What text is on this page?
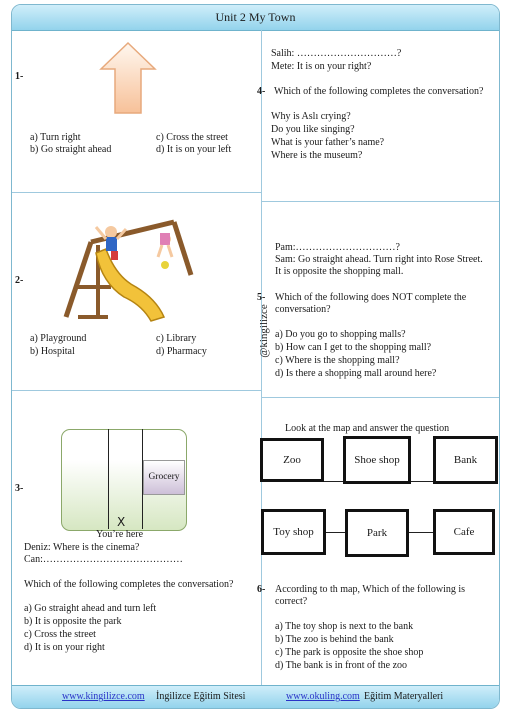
Unit 2 My Town
1-
a) Turn right
b) Go straight ahead
c) Cross the street
d) It is on your left
2-
a) Playground
b) Hospital
c) Library
d) Pharmacy
3-
Grocery
X
You’re here
Deniz: Where is the cinema?
Can:……………………………………
Which of the following completes the conversation?
a) Go straight ahead and turn left
b) It is opposite the park
c) Cross the street
d) It is on your right
Salih: …………………………?
Mete: It is on your right?
4- Which of the following completes the conversation?
Why is Aslı crying?
Do you like singing?
What is your father’s name?
Where is the museum?
Pam:…………………………?
Sam: Go straight ahead. Turn right into Rose Street.
It is opposite the shopping mall.
5- Which of the following does NOT complete the
conversation?
a) Do you go to shopping malls?
b) How can I get to the shopping mall?
c) Where is the shopping mall?
d) Is there a shopping mall around here?
@kingilizce
Look at the map and answer the question
Zoo	Shoe shop	Bank
Toy shop	Park	Cafe
6- According to th map, Which of the following is
correct?
a) The toy shop is next to the bank
b) The zoo is behind the bank
c) The park is opposite the shoe shop
d) The bank is in front of the zoo
www.kingilizce.com İngilizce Eğitim Sitesi	www.okuling.com Eğitim Materyalleri
